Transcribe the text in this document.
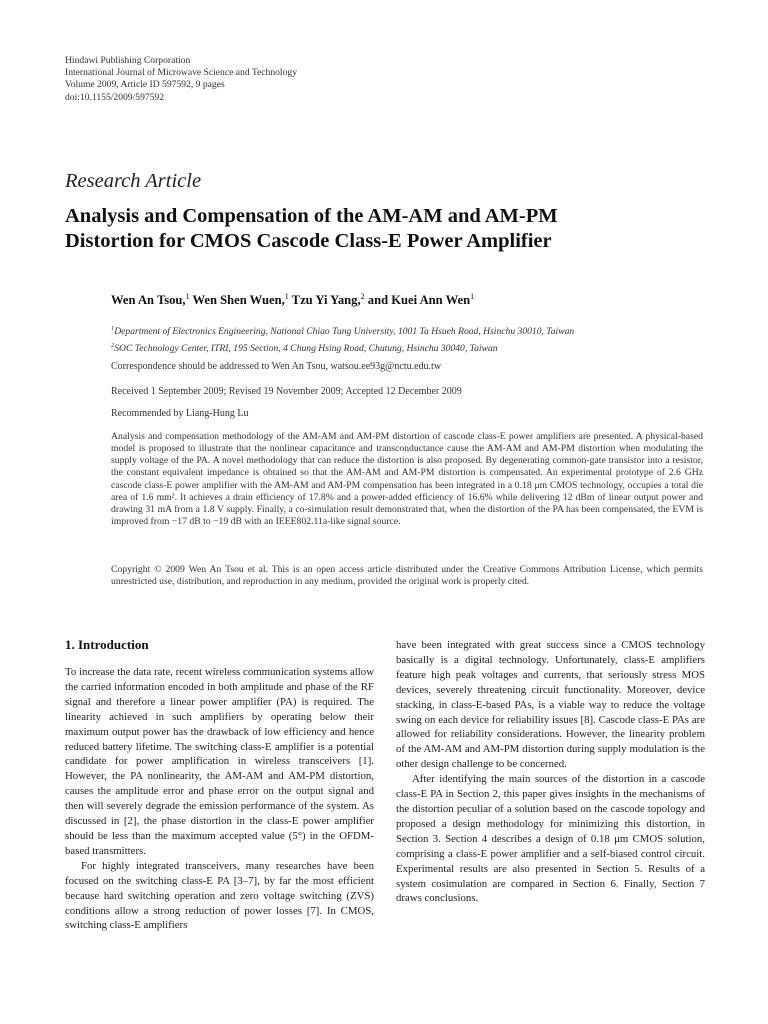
Hindawi Publishing Corporation
International Journal of Microwave Science and Technology
Volume 2009, Article ID 597592, 9 pages
doi:10.1155/2009/597592
Research Article
Analysis and Compensation of the AM-AM and AM-PM
Distortion for CMOS Cascode Class-E Power Amplifier
Wen An Tsou,$^1$ Wen Shen Wuen,$^1$ Tzu Yi Yang,$^2$ and Kuei Ann Wen$^1$
$^1$Department of Electronics Engineering, National Chiao Tung University, 1001 Ta Hsueh Road, Hsinchu 30010, Taiwan
$^2$SOC Technology Center, ITRI, 195 Section, 4 Chung Hsing Road, Chutung, Hsinchu 30040, Taiwan
Correspondence should be addressed to Wen An Tsou, watsou.ee93g@nctu.edu.tw
Received 1 September 2009; Revised 19 November 2009; Accepted 12 December 2009
Recommended by Liang-Hung Lu
Analysis and compensation methodology of the AM-AM and AM-PM distortion of cascode class-E power amplifiers are presented. A physical-based model is proposed to illustrate that the nonlinear capacitance and transconductance cause the AM-AM and AM-PM distortion when modulating the supply voltage of the PA. A novel methodology that can reduce the distortion is also proposed. By degenerating common-gate transistor into a resistor, the constant equivalent impedance is obtained so that the AM-AM and AM-PM distortion is compensated. An experimental prototype of 2.6 GHz cascode class-E power amplifier with the AM-AM and AM-PM compensation has been integrated in a 0.18 μm CMOS technology, occupies a total die area of 1.6 mm². It achieves a drain efficiency of 17.8% and a power-added efficiency of 16.6% while delivering 12 dBm of linear output power and drawing 31 mA from a 1.8 V supply. Finally, a co-simulation result demonstrated that, when the distortion of the PA has been compensated, the EVM is improved from −17 dB to −19 dB with an IEEE802.11a-like signal source.
Copyright © 2009 Wen An Tsou et al. This is an open access article distributed under the Creative Commons Attribution License, which permits unrestricted use, distribution, and reproduction in any medium, provided the original work is properly cited.
1. Introduction

To increase the data rate, recent wireless communication systems allow the carried information encoded in both amplitude and phase of the RF signal and therefore a linear power amplifier (PA) is required. The linearity achieved in such amplifiers by operating below their maximum output power has the drawback of low efficiency and hence reduced battery lifetime. The switching class-E amplifier is a potential candidate for power amplification in wireless transceivers [1]. However, the PA nonlinearity, the AM-AM and AM-PM distortion, causes the amplitude error and phase error on the output signal and then will severely degrade the emission performance of the system. As discussed in [2], the phase distortion in the class-E power amplifier should be less than the maximum accepted value (5°) in the OFDM-based transmitters.

For highly integrated transceivers, many researches have been focused on the switching class-E PA [3–7], by far the most efficient because hard switching operation and zero voltage switching (ZVS) conditions allow a strong reduction of power losses [7]. In CMOS, switching class-E amplifiers

have been integrated with great success since a CMOS technology basically is a digital technology. Unfortunately, class-E amplifiers feature high peak voltages and currents, that seriously stress MOS devices, severely threatening circuit functionality. Moreover, device stacking, in class-E-based PAs, is a viable way to reduce the voltage swing on each device for reliability issues [8]. Cascode class-E PAs are allowed for reliability considerations. However, the linearity problem of the AM-AM and AM-PM distortion during supply modulation is the other design challenge to be concerned.

After identifying the main sources of the distortion in a cascode class-E PA in Section 2, this paper gives insights in the mechanisms of the distortion peculiar of a solution based on the cascode topology and proposed a design methodology for minimizing this distortion, in Section 3. Section 4 describes a design of 0.18 μm CMOS solution, comprising a class-E power amplifier and a self-biased control circuit. Experimental results are also presented in Section 5. Results of a system cosimulation are compared in Section 6. Finally, Section 7 draws conclusions.
